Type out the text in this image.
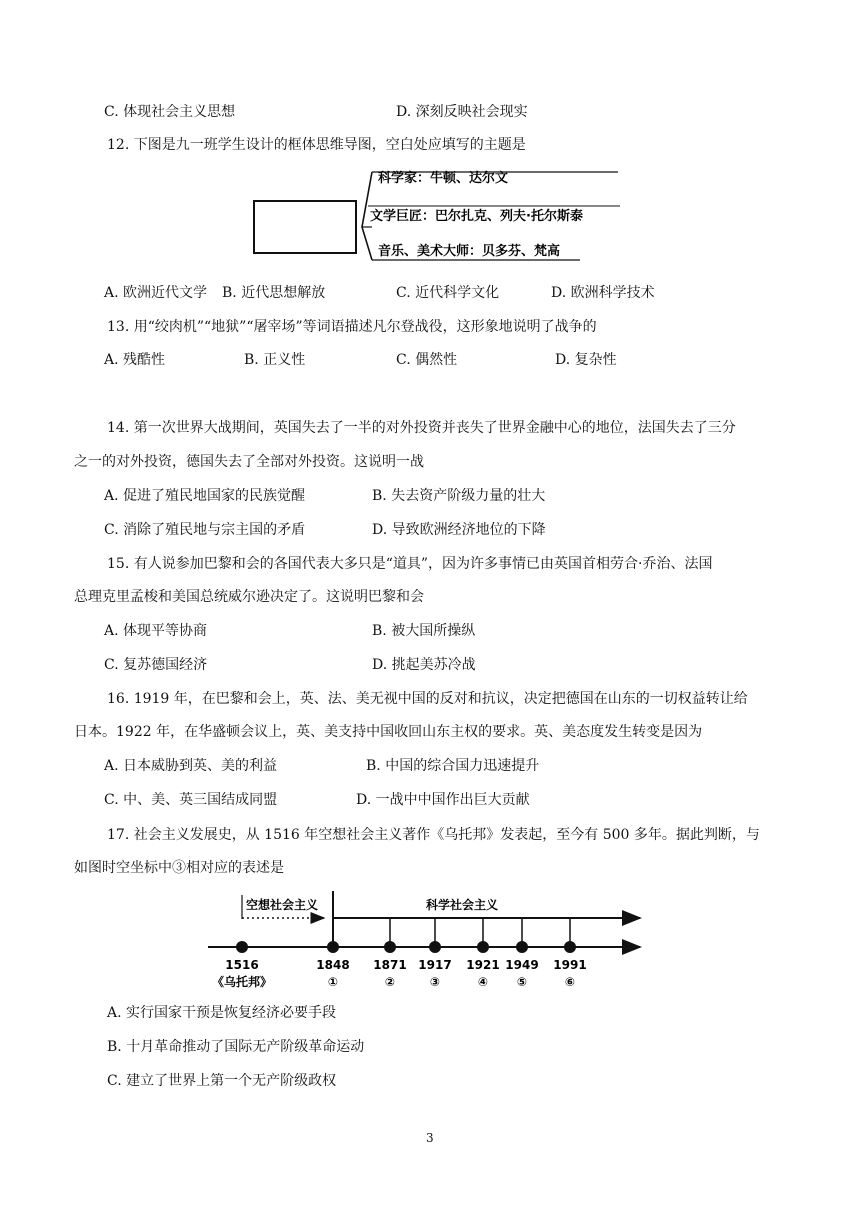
C. 体现社会主义思想	D. 深刻反映社会现实
12. 下图是九一班学生设计的框体思维导图，空白处应填写的主题是
科学家：牛顿、达尔文
文学巨匠：巴尔扎克、列夫·托尔斯泰
音乐、美术大师：贝多芬、梵高
A. 欧洲近代文学 B. 近代思想解放	C. 近代科学文化	D. 欧洲科学技术
13. 用“绞肉机”“地狱”“屠宰场”等词语描述凡尔登战役，这形象地说明了战争的
A. 残酷性	B. 正义性	C. 偶然性	D. 复杂性
14. 第一次世界大战期间，英国失去了一半的对外投资并丧失了世界金融中心的地位，法国失去了三分
之一的对外投资，德国失去了全部对外投资。这说明一战
A. 促进了殖民地国家的民族觉醒	B. 失去资产阶级力量的壮大
C. 消除了殖民地与宗主国的矛盾	D. 导致欧洲经济地位的下降
15. 有人说参加巴黎和会的各国代表大多只是“道具”，因为许多事情已由英国首相劳合·乔治、法国
总理克里孟梭和美国总统威尔逊决定了。这说明巴黎和会
A. 体现平等协商	B. 被大国所操纵
C. 复苏德国经济	D. 挑起美苏冷战
16. 1919 年，在巴黎和会上，英、法、美无视中国的反对和抗议，决定把德国在山东的一切权益转让给
日本。1922 年，在华盛顿会议上，英、美支持中国收回山东主权的要求。英、美态度发生转变是因为
A. 日本威胁到英、美的利益	B. 中国的综合国力迅速提升
C. 中、美、英三国结成同盟	D. 一战中中国作出巨大贡献
17. 社会主义发展史，从 1516 年空想社会主义著作《乌托邦》发表起，至今有 500 多年。据此判断，与
如图时空坐标中③相对应的表述是
空想社会主义	科学社会主义
1516
《乌托邦》
1848
①
1871
②
1917
③
1921
④
1949
⑤
1991
⑥
A. 实行国家干预是恢复经济必要手段
B. 十月革命推动了国际无产阶级革命运动
C. 建立了世界上第一个无产阶级政权
3
